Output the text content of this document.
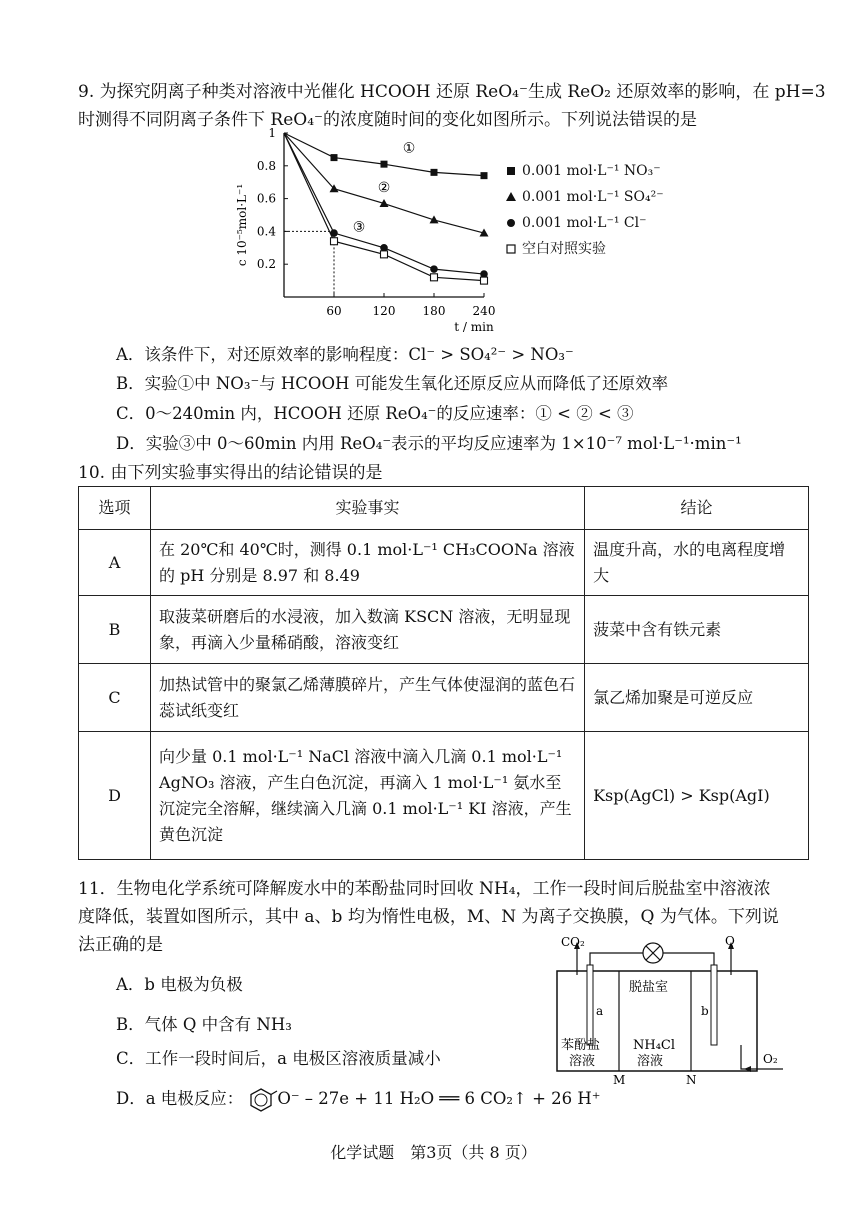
9. 为探究阴离子种类对溶液中光催化 HCOOH 还原 ReO₄⁻生成 ReO₂ 还原效率的影响，在 pH=3
时测得不同阴离子条件下 ReO₄⁻的浓度随时间的变化如图所示。下列说法错误的是
0.2
0.4
0.6
0.8
1
60	120 180 240
t / min
c 10⁻⁵mol·L⁻¹
①
②
③
0.001 mol·L⁻¹ NO₃⁻
0.001 mol·L⁻¹ SO₄²⁻
0.001 mol·L⁻¹ Cl⁻
空白对照实验
A．该条件下，对还原效率的影响程度：Cl⁻ > SO₄²⁻ > NO₃⁻
B．实验①中 NO₃⁻与 HCOOH 可能发生氧化还原反应从而降低了还原效率
C．0～240min 内，HCOOH 还原 ReO₄⁻的反应速率：① < ② < ③
D．实验③中 0～60min 内用 ReO₄⁻表示的平均反应速率为 1×10⁻⁷ mol·L⁻¹·min⁻¹
10. 由下列实验事实得出的结论错误的是
选项	实验事实	结论
A	在 20℃和 40℃时，测得 0.1 mol·L⁻¹ CH₃COONa 溶液的 pH 分别是 8.97 和 8.49	温度升高，水的电离程度增大
B	取菠菜研磨后的水浸液，加入数滴 KSCN 溶液，无明显现象，再滴入少量稀硝酸，溶液变红	菠菜中含有铁元素
C	加热试管中的聚氯乙烯薄膜碎片，产生气体使湿润的蓝色石蕊试纸变红	氯乙烯加聚是可逆反应
D	向少量 0.1 mol·L⁻¹ NaCl 溶液中滴入几滴 0.1 mol·L⁻¹ AgNO₃ 溶液，产生白色沉淀，再滴入 1 mol·L⁻¹ 氨水至沉淀完全溶解，继续滴入几滴 0.1 mol·L⁻¹ KI 溶液，产生黄色沉淀	Ksp(AgCl) > Ksp(AgI)
11．生物电化学系统可降解废水中的苯酚盐同时回收 NH₄，工作一段时间后脱盐室中溶液浓
度降低，装置如图所示，其中 a、b 均为惰性电极，M、N 为离子交换膜，Q 为气体。下列说
法正确的是
A．b 电极为负极
B．气体 Q 中含有 NH₃
C．工作一段时间后，a 电极区溶液质量减小
D．a 电极反应： O ⁻ – 27e + 11 H₂O ══ 6 CO₂↑ + 26 H⁺
CO₂	Q
a	b
脱盐室
苯酚盐
溶液
NH₄Cl
溶液	O₂
M	N
化学试题　第3页（共 8 页）
